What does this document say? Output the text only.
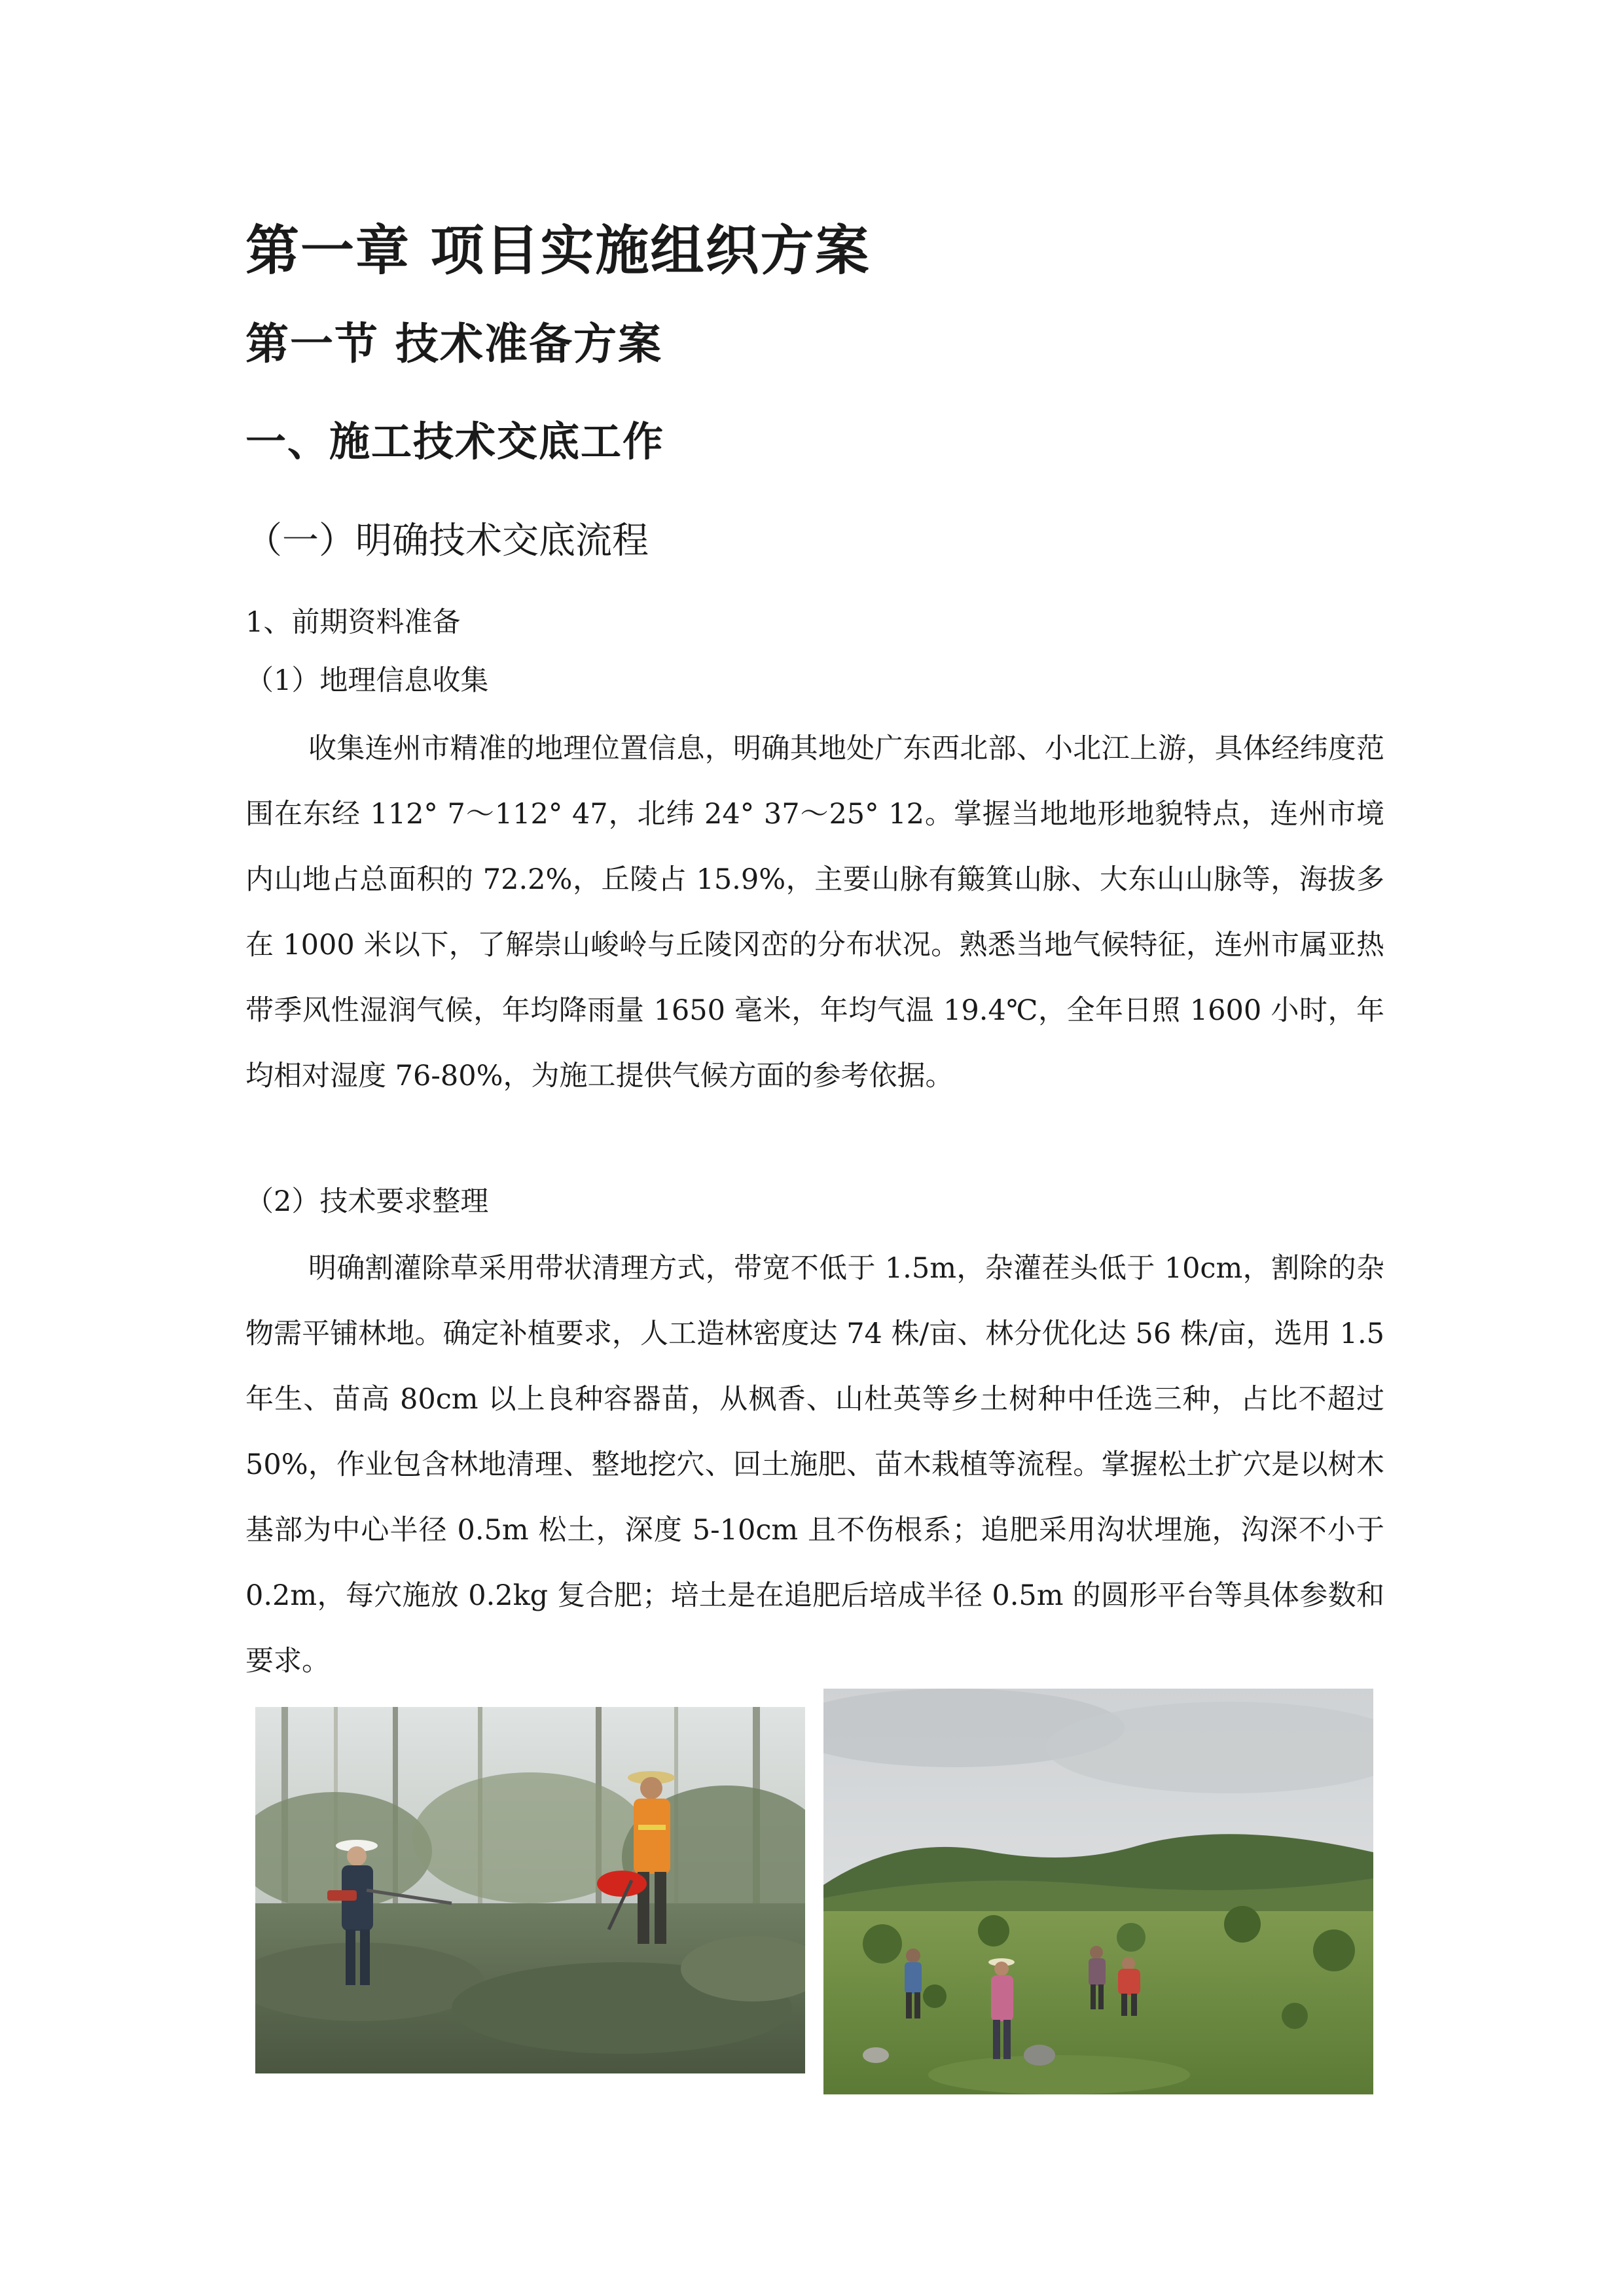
第一章 项目实施组织方案
第一节 技术准备方案
一、施工技术交底工作
（一）明确技术交底流程
1、前期资料准备
（1）地理信息收集

收集连州市精准的地理位置信息，明确其地处广东西北部、小北江上游，具体经纬度范围在东经 112° 7～112° 47，北纬 24° 37～25° 12。掌握当地地形地貌特点，连州市境内山地占总面积的 72.2%，丘陵占 15.9%，主要山脉有簸箕山脉、大东山山脉等，海拔多在 1000 米以下，了解崇山峻岭与丘陵冈峦的分布状况。熟悉当地气候特征，连州市属亚热带季风性湿润气候，年均降雨量 1650 毫米，年均气温 19.4℃，全年日照 1600 小时，年均相对湿度 76-80%，为施工提供气候方面的参考依据。

（2）技术要求整理

明确割灌除草采用带状清理方式，带宽不低于 1.5m，杂灌茬头低于 10cm，割除的杂物需平铺林地。确定补植要求，人工造林密度达 74 株/亩、林分优化达 56 株/亩，选用 1.5 年生、苗高 80cm 以上良种容器苗，从枫香、山杜英等乡土树种中任选三种，占比不超过 50%，作业包含林地清理、整地挖穴、回土施肥、苗木栽植等流程。掌握松土扩穴是以树木基部为中心半径 0.5m 松土，深度 5-10cm 且不伤根系；追肥采用沟状埋施，沟深不小于 0.2m，每穴施放 0.2kg 复合肥；培土是在追肥后培成半径 0.5m 的圆形平台等具体参数和要求。
